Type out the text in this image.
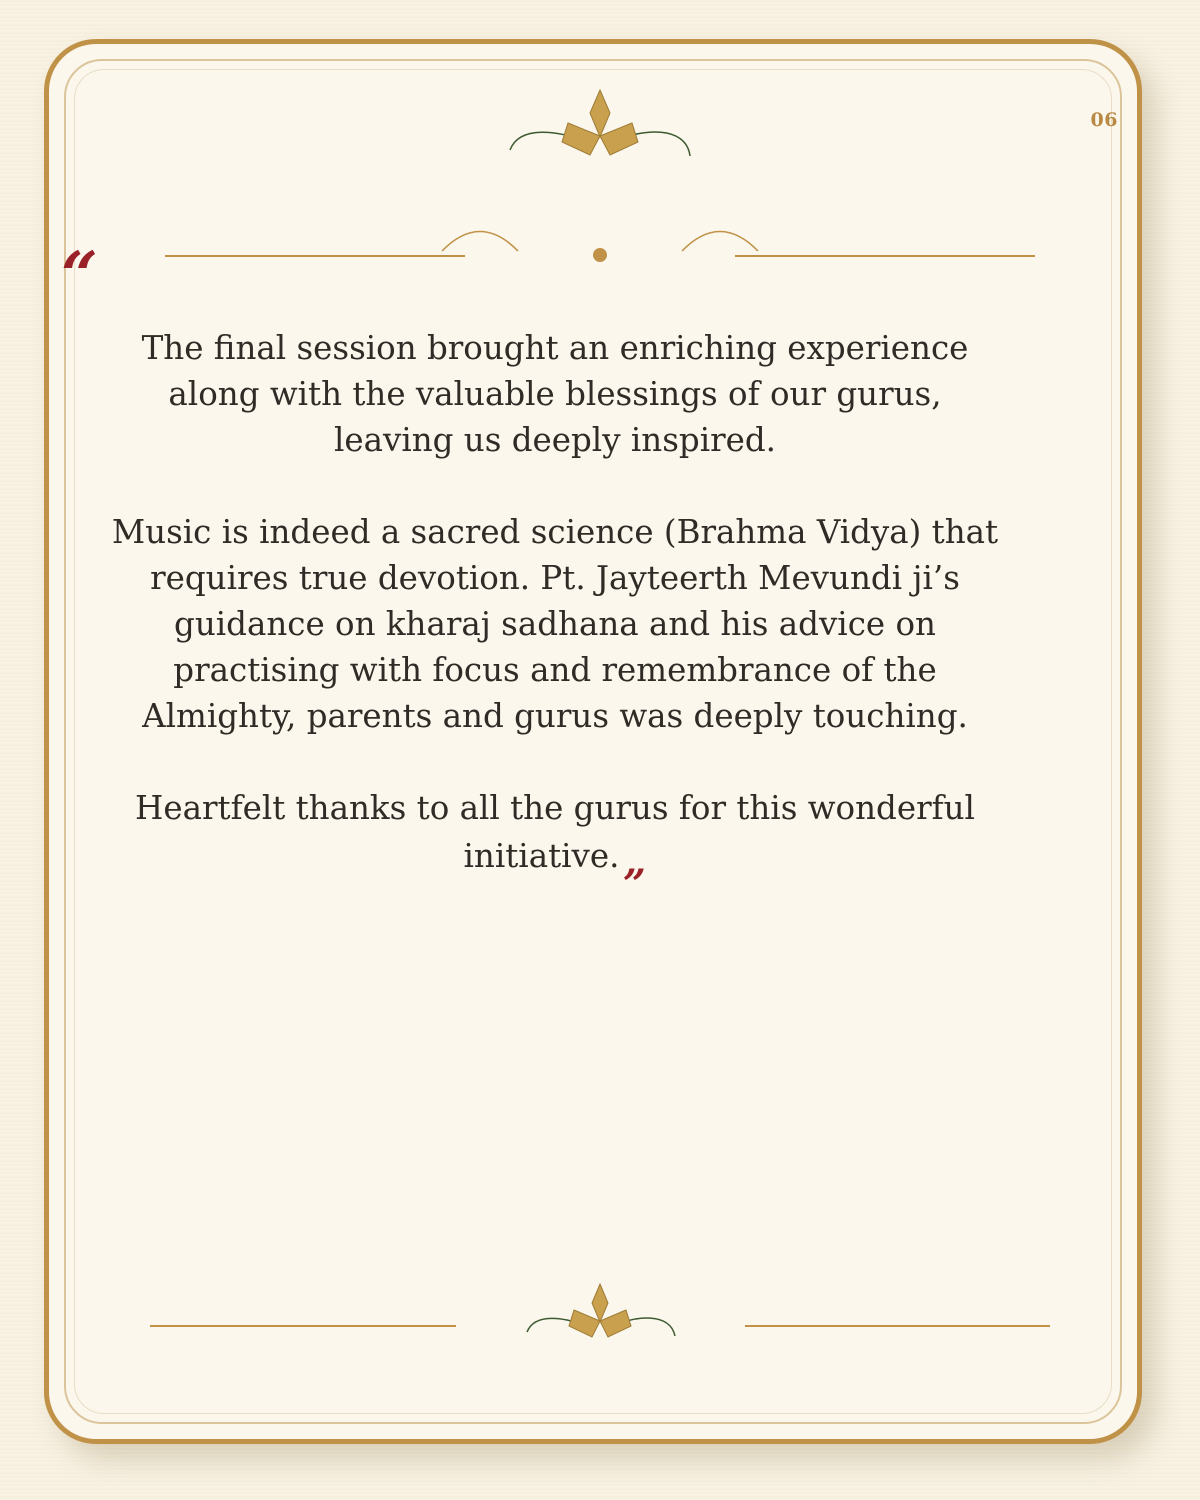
06
“

The final session brought an enriching experience along with the valuable blessings of our gurus, leaving us deeply inspired.

Music is indeed a sacred science (Brahma Vidya) that requires true devotion. Pt. Jayteerth Mevundi ji’s guidance on kharaj sadhana and his advice on practising with focus and remembrance of the Almighty, parents and gurus was deeply touching.

Heartfelt thanks to all the gurus for this wonderful initiative. „
